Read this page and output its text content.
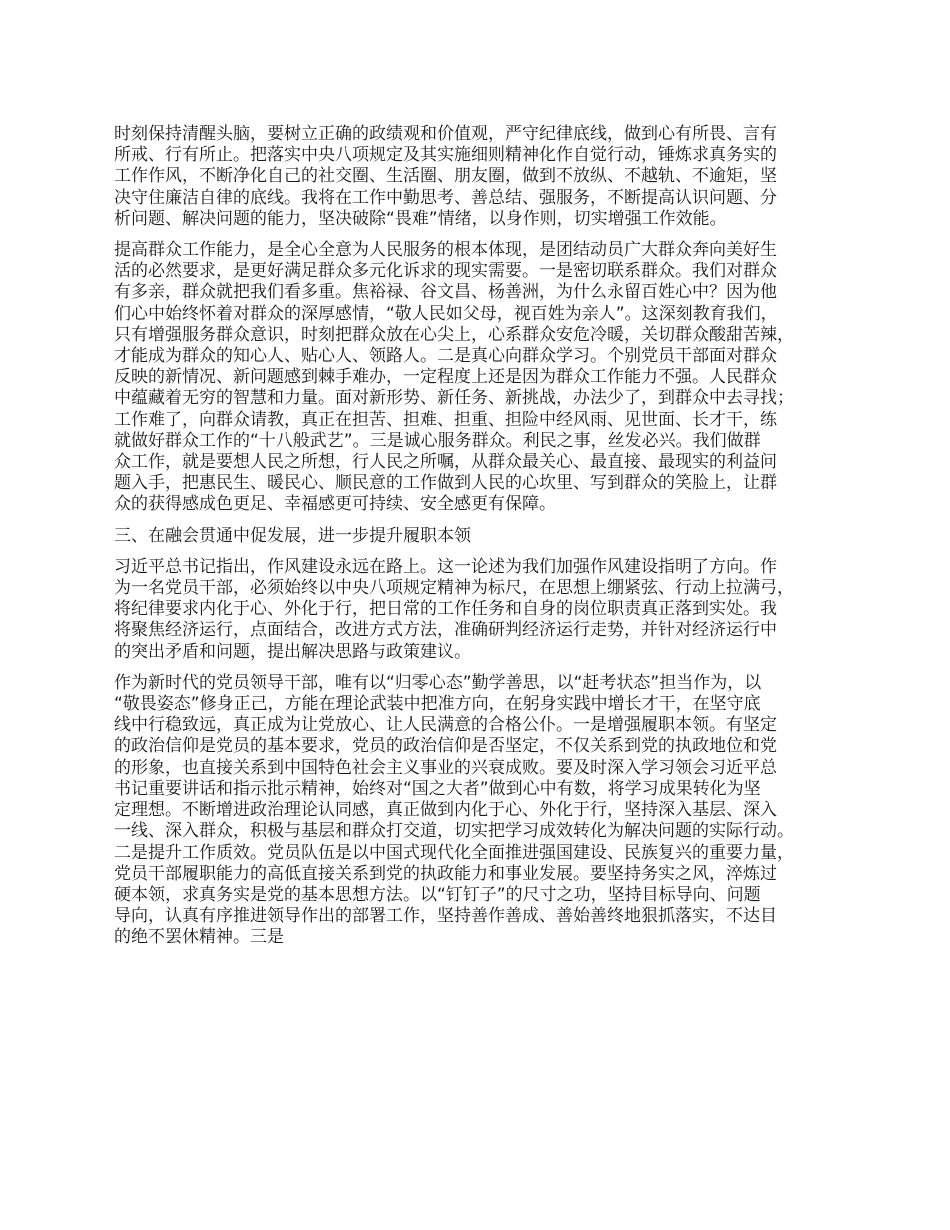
时刻保持清醒头脑，要树立正确的政绩观和价值观，严守纪律底线，做到心有所畏、言有
所戒、行有所止。把落实中央八项规定及其实施细则精神化作自觉行动，锤炼求真务实的
工作作风，不断净化自己的社交圈、生活圈、朋友圈，做到不放纵、不越轨、不逾矩，坚
决守住廉洁自律的底线。我将在工作中勤思考、善总结、强服务，不断提高认识问题、分
析问题、解决问题的能力，坚决破除“畏难”情绪，以身作则，切实增强工作效能。
提高群众工作能力，是全心全意为人民服务的根本体现，是团结动员广大群众奔向美好生
活的必然要求，是更好满足群众多元化诉求的现实需要。一是密切联系群众。我们对群众
有多亲，群众就把我们看多重。焦裕禄、谷文昌、杨善洲，为什么永留百姓心中？因为他
们心中始终怀着对群众的深厚感情，“敬人民如父母，视百姓为亲人”。这深刻教育我们，
只有增强服务群众意识，时刻把群众放在心尖上，心系群众安危冷暖，关切群众酸甜苦辣，
才能成为群众的知心人、贴心人、领路人。二是真心向群众学习。个别党员干部面对群众
反映的新情况、新问题感到棘手难办，一定程度上还是因为群众工作能力不强。人民群众
中蕴藏着无穷的智慧和力量。面对新形势、新任务、新挑战，办法少了，到群众中去寻找；
工作难了，向群众请教，真正在担苦、担难、担重、担险中经风雨、见世面、长才干，练
就做好群众工作的“十八般武艺”。三是诚心服务群众。利民之事，丝发必兴。我们做群
众工作，就是要想人民之所想，行人民之所嘱，从群众最关心、最直接、最现实的利益问
题入手，把惠民生、暖民心、顺民意的工作做到人民的心坎里、写到群众的笑脸上，让群
众的获得感成色更足、幸福感更可持续、安全感更有保障。
三、在融会贯通中促发展，进一步提升履职本领
习近平总书记指出，作风建设永远在路上。这一论述为我们加强作风建设指明了方向。作
为一名党员干部，必须始终以中央八项规定精神为标尺，在思想上绷紧弦、行动上拉满弓，
将纪律要求内化于心、外化于行，把日常的工作任务和自身的岗位职责真正落到实处。我
将聚焦经济运行，点面结合，改进方式方法，准确研判经济运行走势，并针对经济运行中
的突出矛盾和问题，提出解决思路与政策建议。
作为新时代的党员领导干部，唯有以“归零心态”勤学善思，以“赶考状态”担当作为，以
“敬畏姿态”修身正己，方能在理论武装中把准方向，在躬身实践中增长才干，在坚守底
线中行稳致远，真正成为让党放心、让人民满意的合格公仆。一是增强履职本领。有坚定
的政治信仰是党员的基本要求，党员的政治信仰是否坚定，不仅关系到党的执政地位和党
的形象，也直接关系到中国特色社会主义事业的兴衰成败。要及时深入学习领会习近平总
书记重要讲话和指示批示精神，始终对“国之大者”做到心中有数，将学习成果转化为坚
定理想。不断增进政治理论认同感，真正做到内化于心、外化于行，坚持深入基层、深入
一线、深入群众，积极与基层和群众打交道，切实把学习成效转化为解决问题的实际行动。
二是提升工作质效。党员队伍是以中国式现代化全面推进强国建设、民族复兴的重要力量，
党员干部履职能力的高低直接关系到党的执政能力和事业发展。要坚持务实之风，淬炼过
硬本领，求真务实是党的基本思想方法。以“钉钉子”的尺寸之功，坚持目标导向、问题
导向，认真有序推进领导作出的部署工作，坚持善作善成、善始善终地狠抓落实，不达目
的绝不罢休精神。三是
